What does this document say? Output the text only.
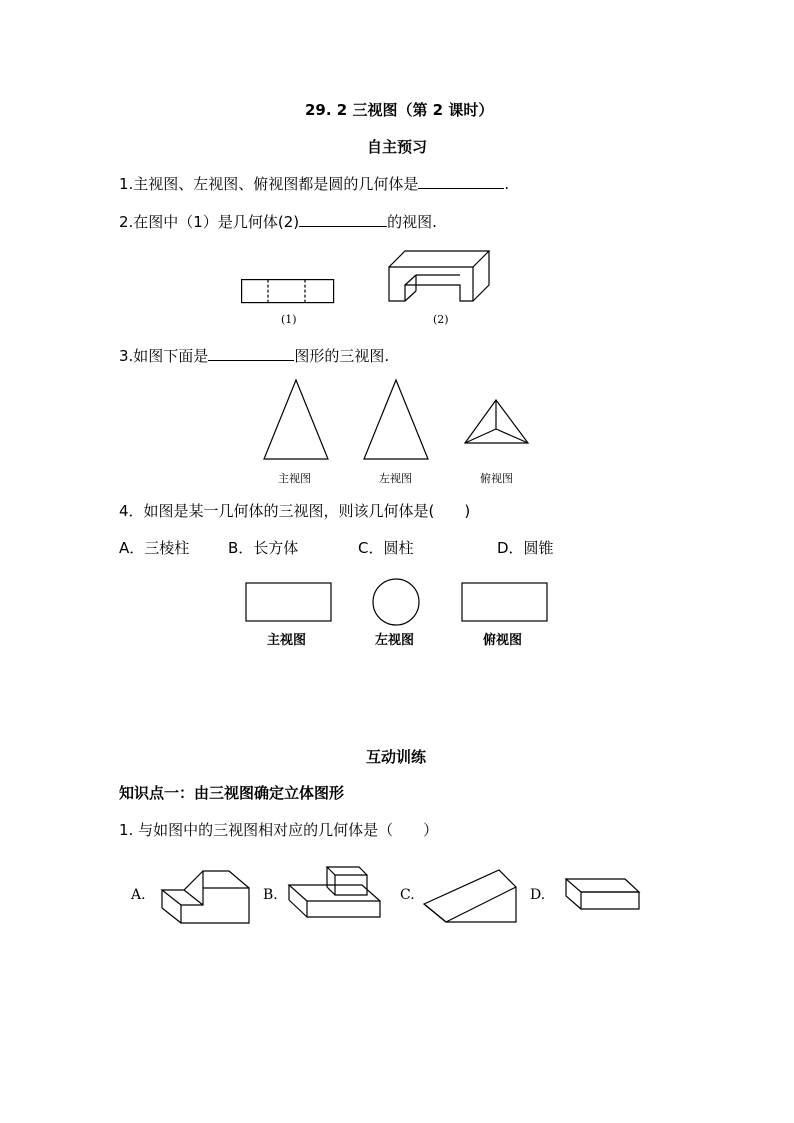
29. 2 三视图（第 2 课时）
自主预习
1.主视图、左视图、俯视图都是圆的几何体是	.
2.在图中（1）是几何体(2)	的视图.
(1)	(2)
3.如图下面是	图形的三视图.
主视图	左视图	俯视图
4．如图是某一几何体的三视图，则该几何体是(　　)
A．三棱柱	B．长方体	C．圆柱	D．圆锥
主视图	左视图	俯视图
互动训练
知识点一：由三视图确定立体图形
1. 与如图中的三视图相对应的几何体是（　　）
A.	B.	C.	D.
